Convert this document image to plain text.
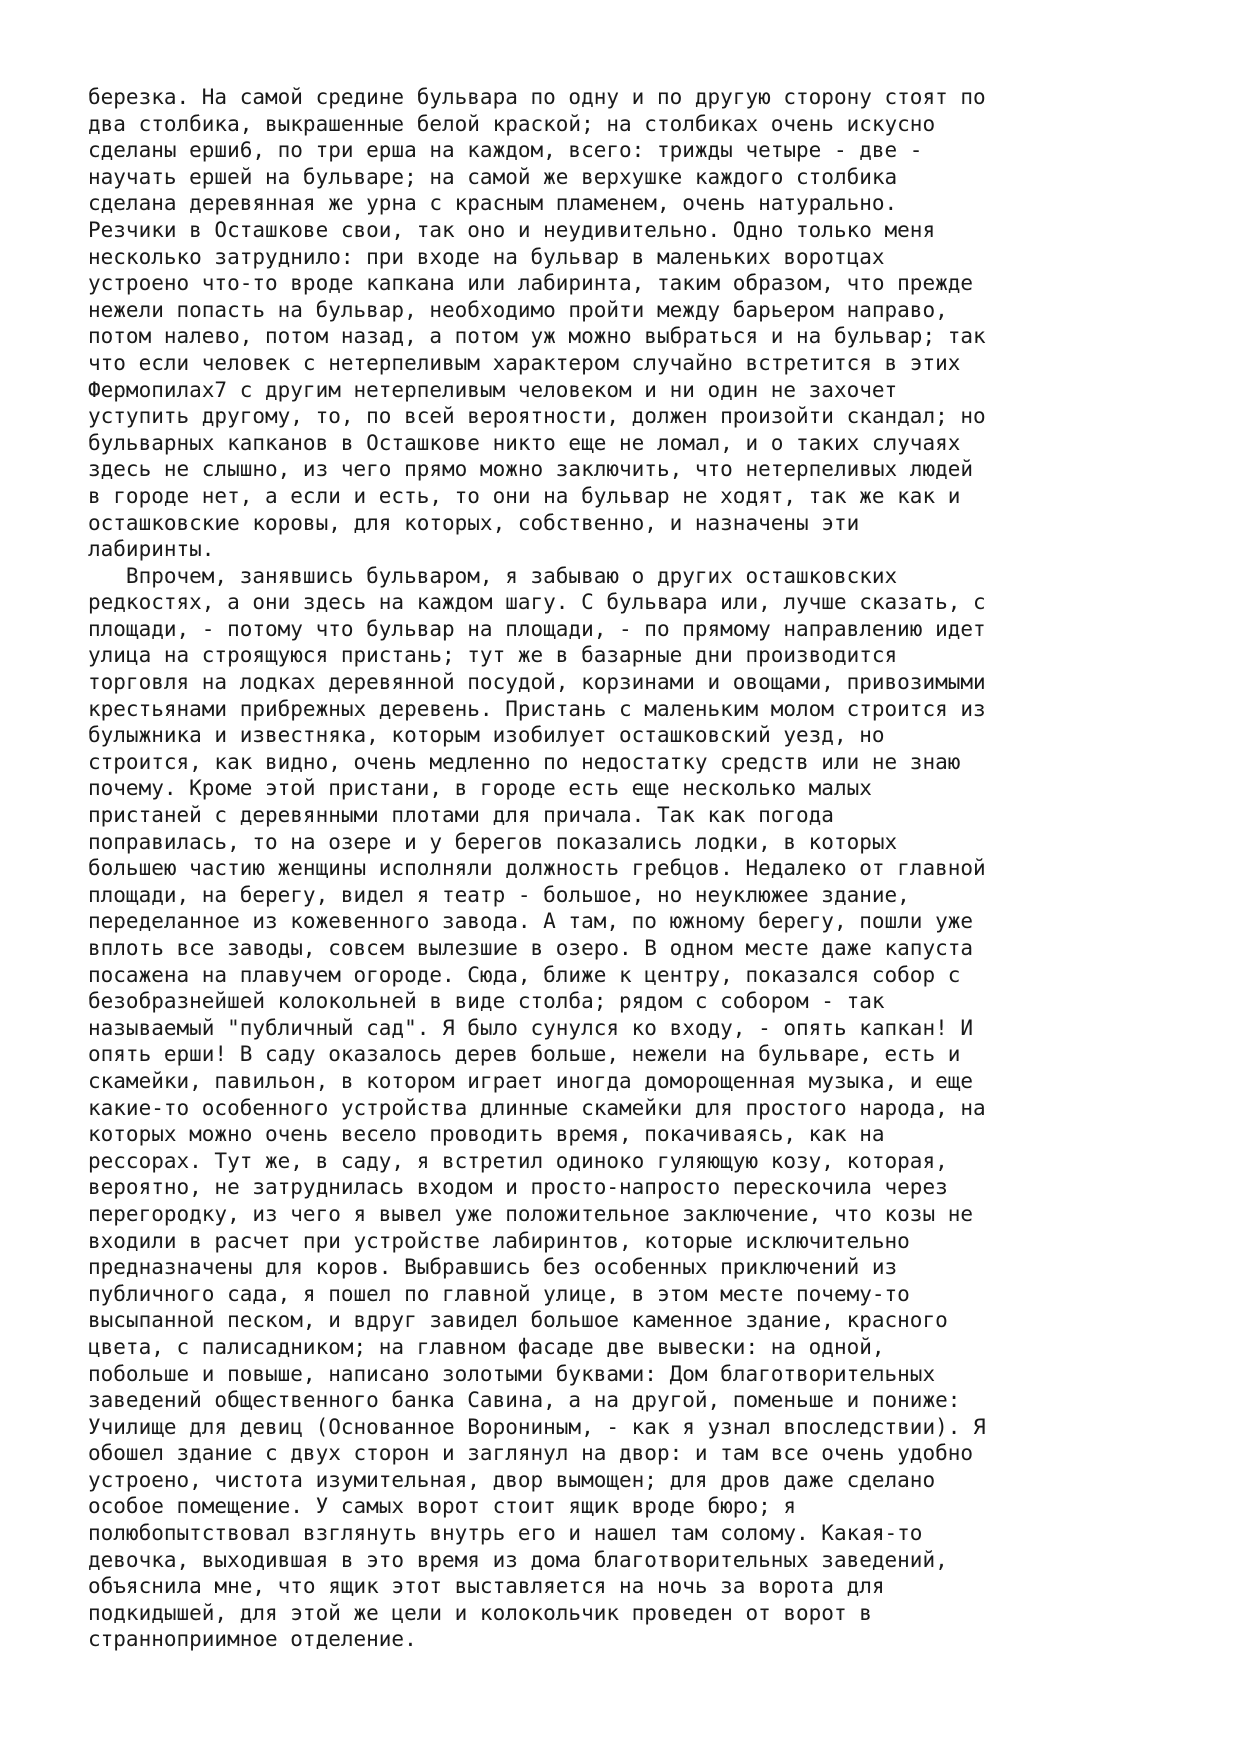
березка. На самой средине бульвара по одну и по другую сторону стоят по
два столбика, выкрашенные белой краской; на столбиках очень искусно
сделаны ерши6, по три ерша на каждом, всего: трижды четыре - две -
научать ершей на бульваре; на самой же верхушке каждого столбика
сделана деревянная же урна с красным пламенем, очень натурально.
Резчики в Осташкове свои, так оно и неудивительно. Одно только меня
несколько затруднило: при входе на бульвар в маленьких воротцах
устроено что-то вроде капкана или лабиринта, таким образом, что прежде
нежели попасть на бульвар, необходимо пройти между барьером направо,
потом налево, потом назад, а потом уж можно выбраться и на бульвар; так
что если человек с нетерпеливым характером случайно встретится в этих
Фермопилах7 с другим нетерпеливым человеком и ни один не захочет
уступить другому, то, по всей вероятности, должен произойти скандал; но
бульварных капканов в Осташкове никто еще не ломал, и о таких случаях
здесь не слышно, из чего прямо можно заключить, что нетерпеливых людей
в городе нет, а если и есть, то они на бульвар не ходят, так же как и
осташковские коровы, для которых, собственно, и назначены эти
лабиринты.
Впрочем, занявшись бульваром, я забываю о других осташковских
редкостях, а они здесь на каждом шагу. С бульвара или, лучше сказать, с
площади, - потому что бульвар на площади, - по прямому направлению идет
улица на строящуюся пристань; тут же в базарные дни производится
торговля на лодках деревянной посудой, корзинами и овощами, привозимыми
крестьянами прибрежных деревень. Пристань с маленьким молом строится из
булыжника и известняка, которым изобилует осташковский уезд, но
строится, как видно, очень медленно по недостатку средств или не знаю
почему. Кроме этой пристани, в городе есть еще несколько малых
пристаней с деревянными плотами для причала. Так как погода
поправилась, то на озере и у берегов показались лодки, в которых
большею частию женщины исполняли должность гребцов. Недалеко от главной
площади, на берегу, видел я театр - большое, но неуклюжее здание,
переделанное из кожевенного завода. А там, по южному берегу, пошли уже
вплоть все заводы, совсем вылезшие в озеро. В одном месте даже капуста
посажена на плавучем огороде. Сюда, ближе к центру, показался собор с
безобразнейшей колокольней в виде столба; рядом с собором - так
называемый "публичный сад". Я было сунулся ко входу, - опять капкан! И
опять ерши! В саду оказалось дерев больше, нежели на бульваре, есть и
скамейки, павильон, в котором играет иногда доморощенная музыка, и еще
какие-то особенного устройства длинные скамейки для простого народа, на
которых можно очень весело проводить время, покачиваясь, как на
рессорах. Тут же, в саду, я встретил одиноко гуляющую козу, которая,
вероятно, не затруднилась входом и просто-напросто перескочила через
перегородку, из чего я вывел уже положительное заключение, что козы не
входили в расчет при устройстве лабиринтов, которые исключительно
предназначены для коров. Выбравшись без особенных приключений из
публичного сада, я пошел по главной улице, в этом месте почему-то
высыпанной песком, и вдруг завидел большое каменное здание, красного
цвета, с палисадником; на главном фасаде две вывески: на одной,
побольше и повыше, написано золотыми буквами: Дом благотворительных
заведений общественного банка Савина, а на другой, поменьше и пониже:
Училище для девиц (Основанное Ворониным, - как я узнал впоследствии). Я
обошел здание с двух сторон и заглянул на двор: и там все очень удобно
устроено, чистота изумительная, двор вымощен; для дров даже сделано
особое помещение. У самых ворот стоит ящик вроде бюро; я
полюбопытствовал взглянуть внутрь его и нашел там солому. Какая-то
девочка, выходившая в это время из дома благотворительных заведений,
объяснила мне, что ящик этот выставляется на ночь за ворота для
подкидышей, для этой же цели и колокольчик проведен от ворот в
странноприимное отделение.
